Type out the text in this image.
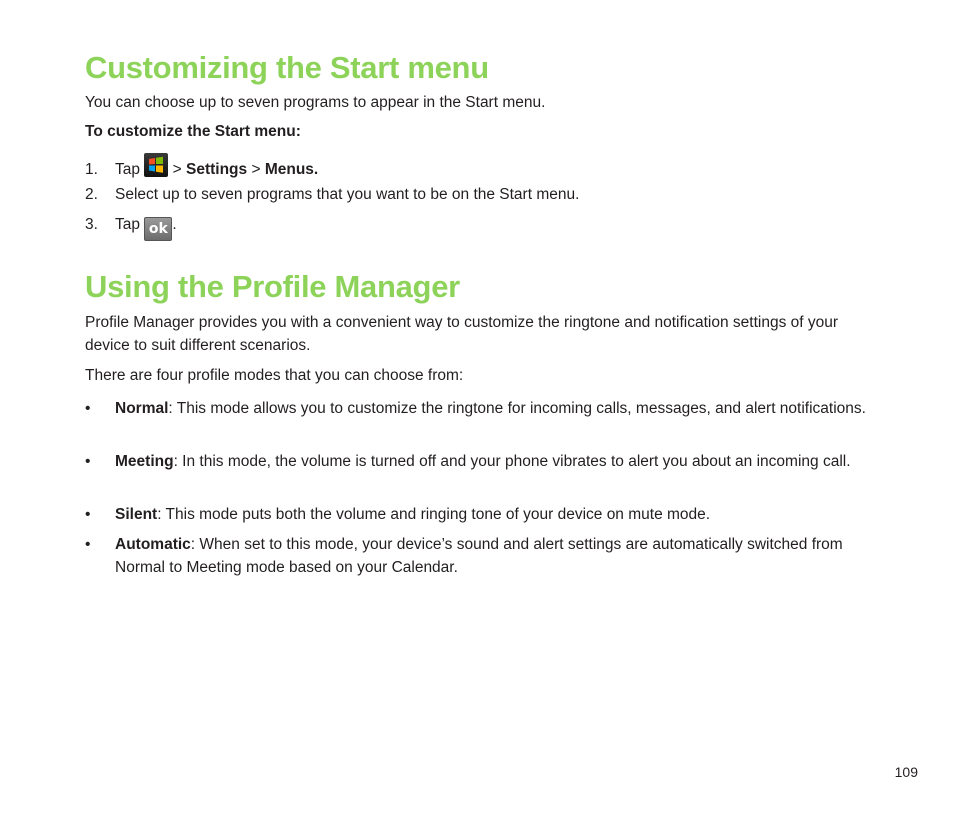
Customizing the Start menu

You can choose up to seven programs to appear in the Start menu.

To customize the Start menu:

1. Tap > Settings > Menus.
2. Select up to seven programs that you want to be on the Start menu.
3. Tap ok .
Using the Profile Manager

Profile Manager provides you with a convenient way to customize the ringtone and notification settings of your device to suit different scenarios.

There are four profile modes that you can choose from:

•	Normal: This mode allows you to customize the ringtone for incoming calls, messages, and alert notifications.
•	Meeting: In this mode, the volume is turned off and your phone vibrates to alert you about an incoming call.
•	Silent: This mode puts both the volume and ringing tone of your device on mute mode.
•	Automatic: When set to this mode, your device’s sound and alert settings are automatically switched from Normal to Meeting mode based on your Calendar.
109
